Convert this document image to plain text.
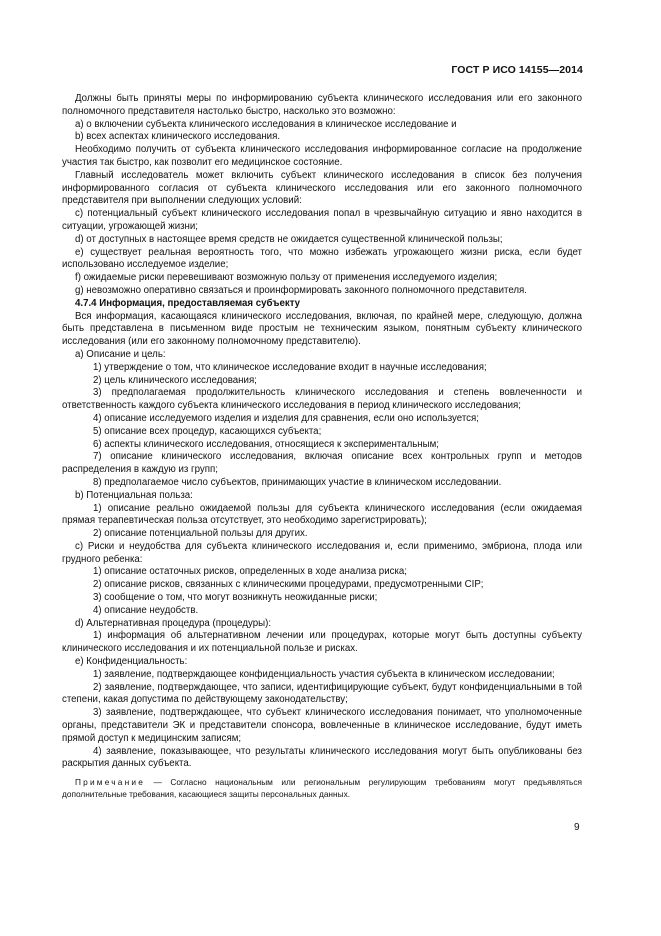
ГОСТ Р ИСО 14155—2014

Должны быть приняты меры по информированию субъекта клинического исследования или его законного полномочного представителя настолько быстро, насколько это возможно:

a) о включении субъекта клинического исследования в клиническое исследование и

b) всех аспектах клинического исследования.

Необходимо получить от субъекта клинического исследования информированное согласие на продолжение участия так быстро, как позволит его медицинское состояние.

Главный исследователь может включить субъект клинического исследования в список без получения информированного согласия от субъекта клинического исследования или его законного полномочного представителя при выполнении следующих условий:

c) потенциальный субъект клинического исследования попал в чрезвычайную ситуацию и явно находится в ситуации, угрожающей жизни;

d) от доступных в настоящее время средств не ожидается существенной клинической пользы;

e) существует реальная вероятность того, что можно избежать угрожающего жизни риска, если будет использовано исследуемое изделие;

f) ожидаемые риски перевешивают возможную пользу от применения исследуемого изделия;

g) невозможно оперативно связаться и проинформировать законного полномочного представителя.

4.7.4 Информация, предоставляемая субъекту

Вся информация, касающаяся клинического исследования, включая, по крайней мере, следующую, должна быть представлена в письменном виде простым не техническим языком, понятным субъекту клинического исследования (или его законному полномочному представителю).

a) Описание и цель:

1) утверждение о том, что клиническое исследование входит в научные исследования;

2) цель клинического исследования;

3) предполагаемая продолжительность клинического исследования и степень вовлеченности и ответственность каждого субъекта клинического исследования в период клинического исследования;

4) описание исследуемого изделия и изделия для сравнения, если оно используется;

5) описание всех процедур, касающихся субъекта;

6) аспекты клинического исследования, относящиеся к экспериментальным;

7) описание клинического исследования, включая описание всех контрольных групп и методов распределения в каждую из групп;

8) предполагаемое число субъектов, принимающих участие в клиническом исследовании.

b) Потенциальная польза:

1) описание реально ожидаемой пользы для субъекта клинического исследования (если ожидаемая прямая терапевтическая польза отсутствует, это необходимо зарегистрировать);

2) описание потенциальной пользы для других.

c) Риски и неудобства для субъекта клинического исследования и, если применимо, эмбриона, плода или грудного ребенка:

1) описание остаточных рисков, определенных в ходе анализа риска;

2) описание рисков, связанных с клиническими процедурами, предусмотренными CIP;

3) сообщение о том, что могут возникнуть неожиданные риски;

4) описание неудобств.

d) Альтернативная процедура (процедуры):

1) информация об альтернативном лечении или процедурах, которые могут быть доступны субъекту клинического исследования и их потенциальной пользе и рисках.

e) Конфиденциальность:

1) заявление, подтверждающее конфиденциальность участия субъекта в клиническом исследовании;

2) заявление, подтверждающее, что записи, идентифицирующие субъект, будут конфиденциальными в той степени, какая допустима по действующему законодательству;

3) заявление, подтверждающее, что субъект клинического исследования понимает, что уполномоченные органы, представители ЭК и представители спонсора, вовлеченные в клиническое исследование, будут иметь прямой доступ к медицинским записям;

4) заявление, показывающее, что результаты клинического исследования могут быть опубликованы без раскрытия данных субъекта.

Примечание — Согласно национальным или региональным регулирующим требованиям могут предъявляться дополнительные требования, касающиеся защиты персональных данных.

9
